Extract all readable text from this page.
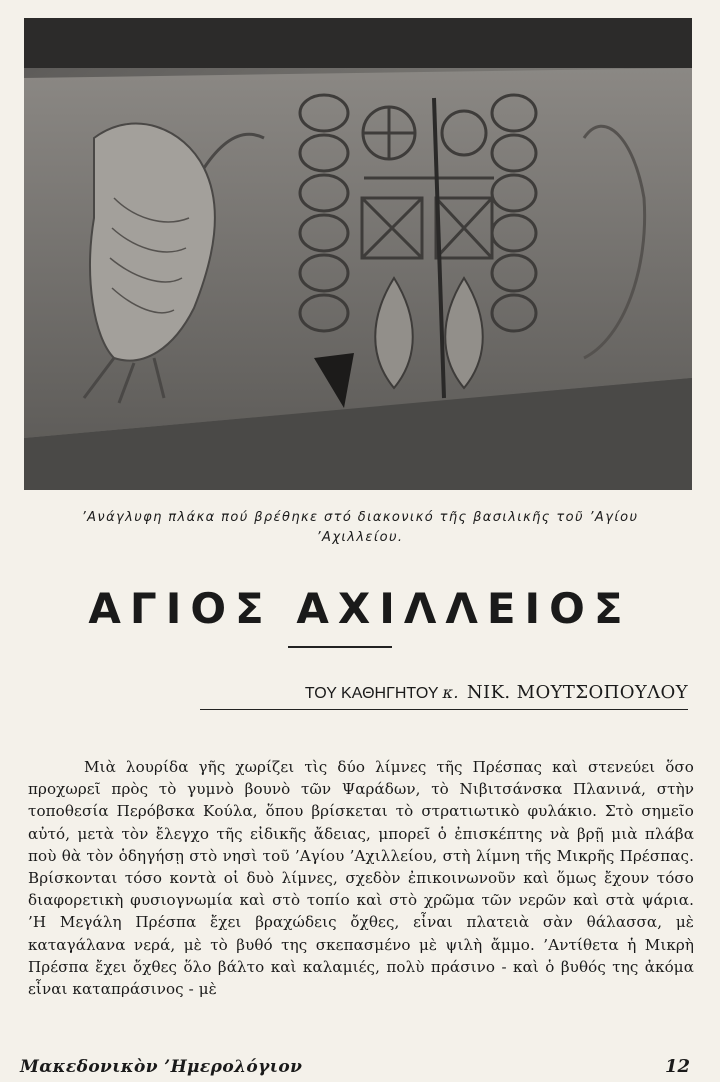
’Ανάγλυφη πλάκα πού βρέθηκε στό διακονικό τῆς βασιλικῆς τοῦ ’Αγίου ’Αχιλλείου.
ΑΓΙΟΣ ΑΧΙΛΛΕΙΟΣ
ΤΟΥ ΚΑΘΗΓΗΤΟΥ κ. ΝΙΚ. ΜΟΥΤΣΟΠΟΥΛΟΥ

Μιὰ λουρίδα γῆς χωρίζει τὶς δύο λίμνες τῆς Πρέσπας καὶ στενεύει ὅσο προχωρεῖ πρὸς τὸ γυμνὸ βουνὸ τῶν Ψαράδων, τὸ Νιβιτσάνσκα Πλανινά, στὴν τοποθεσία Περόβσκα Κούλα, ὅπου βρίσκεται τὸ στρατιωτικὸ φυλάκιο. Στὸ σημεῖο αὐτό, μετὰ τὸν ἔλεγχο τῆς εἰδικῆς ἄδειας, μπορεῖ ὁ ἐπισκέπτης νὰ βρῇ μιὰ πλάβα ποὺ θὰ τὸν ὁδηγήσῃ στὸ νησὶ τοῦ ’Αγίου ’Αχιλλείου, στὴ λίμνη τῆς Μικρῆς Πρέσπας. Βρίσκονται τόσο κοντὰ οἱ δυὸ λίμνες, σχεδὸν ἐπικοινωνοῦν καὶ ὅμως ἔχουν τόσο διαφορετικὴ φυσιογνωμία καὶ στὸ τοπίο καὶ στὸ χρῶμα τῶν νερῶν καὶ στὰ ψάρια. ’Η Μεγάλη Πρέσπα ἔχει βραχώδεις ὄχθες, εἶναι πλατειὰ σὰν θάλασσα, μὲ καταγάλανα νερά, μὲ τὸ βυθό της σκεπασμένο μὲ ψιλὴ ἄμμο. ’Αντίθετα ἡ Μικρὴ Πρέσπα ἔχει ὄχθες ὅλο βάλτο καὶ καλαμιές, πολὺ πράσινο - καὶ ὁ βυθός της ἀκόμα εἶναι καταπράσινος - μὲ

Μακεδονικὸν ’Ημερολόγιον	12
